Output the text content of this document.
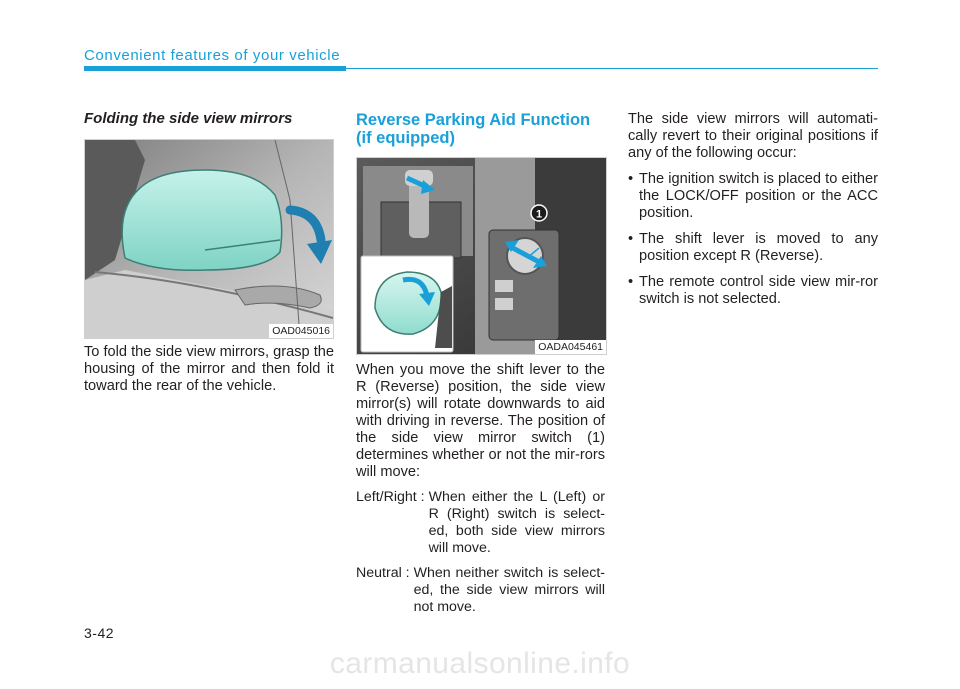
Convenient features of your vehicle
Folding the side view mirrors
OAD045016

To fold the side view mirrors, grasp the housing of the mirror and then fold it toward the rear of the vehicle.

Reverse Parking Aid Function (if equipped)
1
OADA045461

When you move the shift lever to the R (Reverse) position, the side view mirror(s) will rotate downwards to aid with driving in reverse. The position of the side view mirror switch (1) determines whether or not the mir-rors will move:

Left/Right : When either the L (Left) or R (Right) switch is select-ed, both side view mirrors will move.
Neutral : When neither switch is select-ed, the side view mirrors will not move.

The side view mirrors will automati-cally revert to their original positions if any of the following occur:

• The ignition switch is placed to either the LOCK/OFF position or the ACC position.
• The shift lever is moved to any position except R (Reverse).
• The remote control side view mir-ror switch is not selected.
3-42
carmanualsonline.info
